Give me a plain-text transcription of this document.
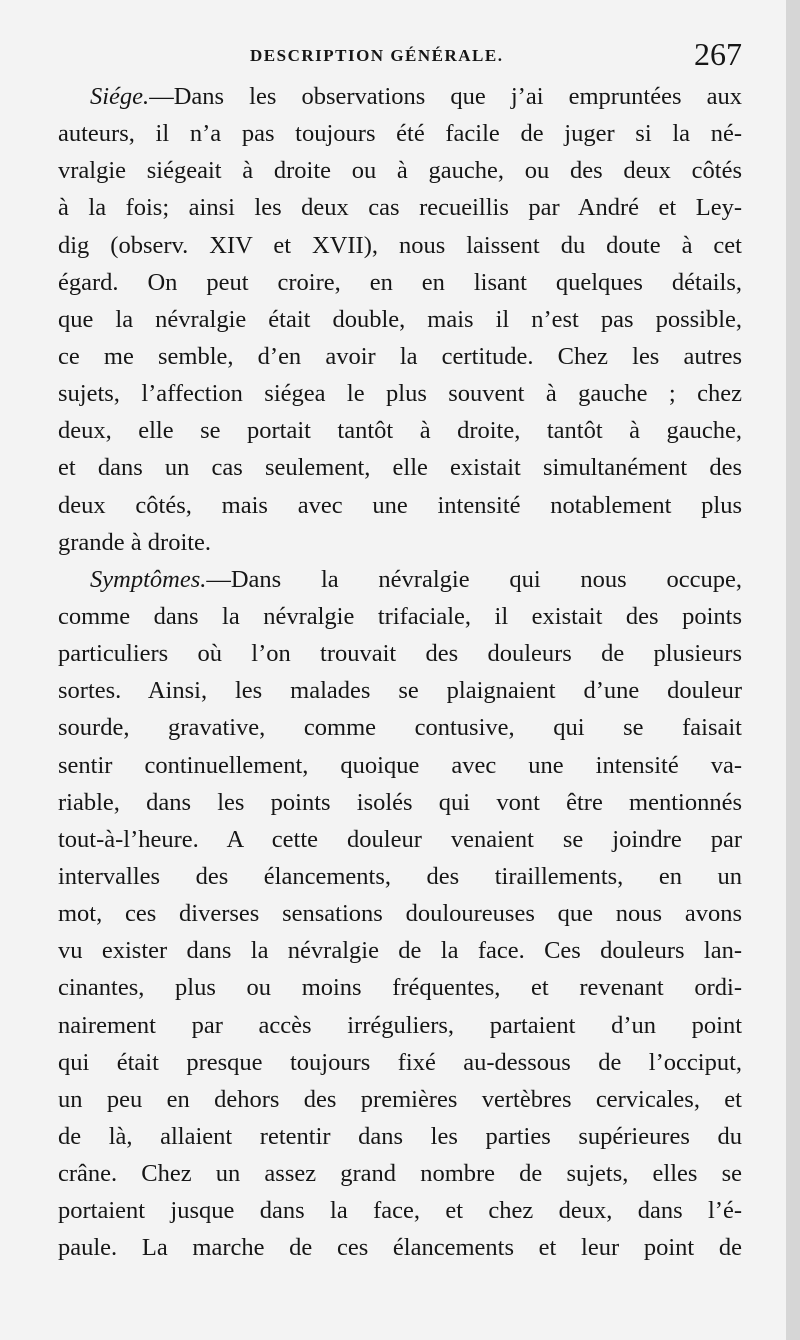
DESCRIPTION GÉNÉRALE.	267
Siége.—Dans les observations que j’ai empruntées aux
auteurs, il n’a pas toujours été facile de juger si la né-
vralgie siégeait à droite ou à gauche, ou des deux côtés
à la fois; ainsi les deux cas recueillis par André et Ley-
dig (observ. XIV et XVII), nous laissent du doute à cet
égard. On peut croire, en en lisant quelques détails,
que la névralgie était double, mais il n’est pas possible,
ce me semble, d’en avoir la certitude. Chez les autres
sujets, l’affection siégea le plus souvent à gauche ; chez
deux, elle se portait tantôt à droite, tantôt à gauche,
et dans un cas seulement, elle existait simultanément des
deux côtés, mais avec une intensité notablement plus
grande à droite.
Symptômes.—Dans la névralgie qui nous occupe,
comme dans la névralgie trifaciale, il existait des points
particuliers où l’on trouvait des douleurs de plusieurs
sortes. Ainsi, les malades se plaignaient d’une douleur
sourde, gravative, comme contusive, qui se faisait
sentir continuellement, quoique avec une intensité va-
riable, dans les points isolés qui vont être mentionnés
tout-à-l’heure. A cette douleur venaient se joindre par
intervalles des élancements, des tiraillements, en un
mot, ces diverses sensations douloureuses que nous avons
vu exister dans la névralgie de la face. Ces douleurs lan-
cinantes, plus ou moins fréquentes, et revenant ordi-
nairement par accès irréguliers, partaient d’un point
qui était presque toujours fixé au-dessous de l’occiput,
un peu en dehors des premières vertèbres cervicales, et
de là, allaient retentir dans les parties supérieures du
crâne. Chez un assez grand nombre de sujets, elles se
portaient jusque dans la face, et chez deux, dans l’é-
paule. La marche de ces élancements et leur point de
